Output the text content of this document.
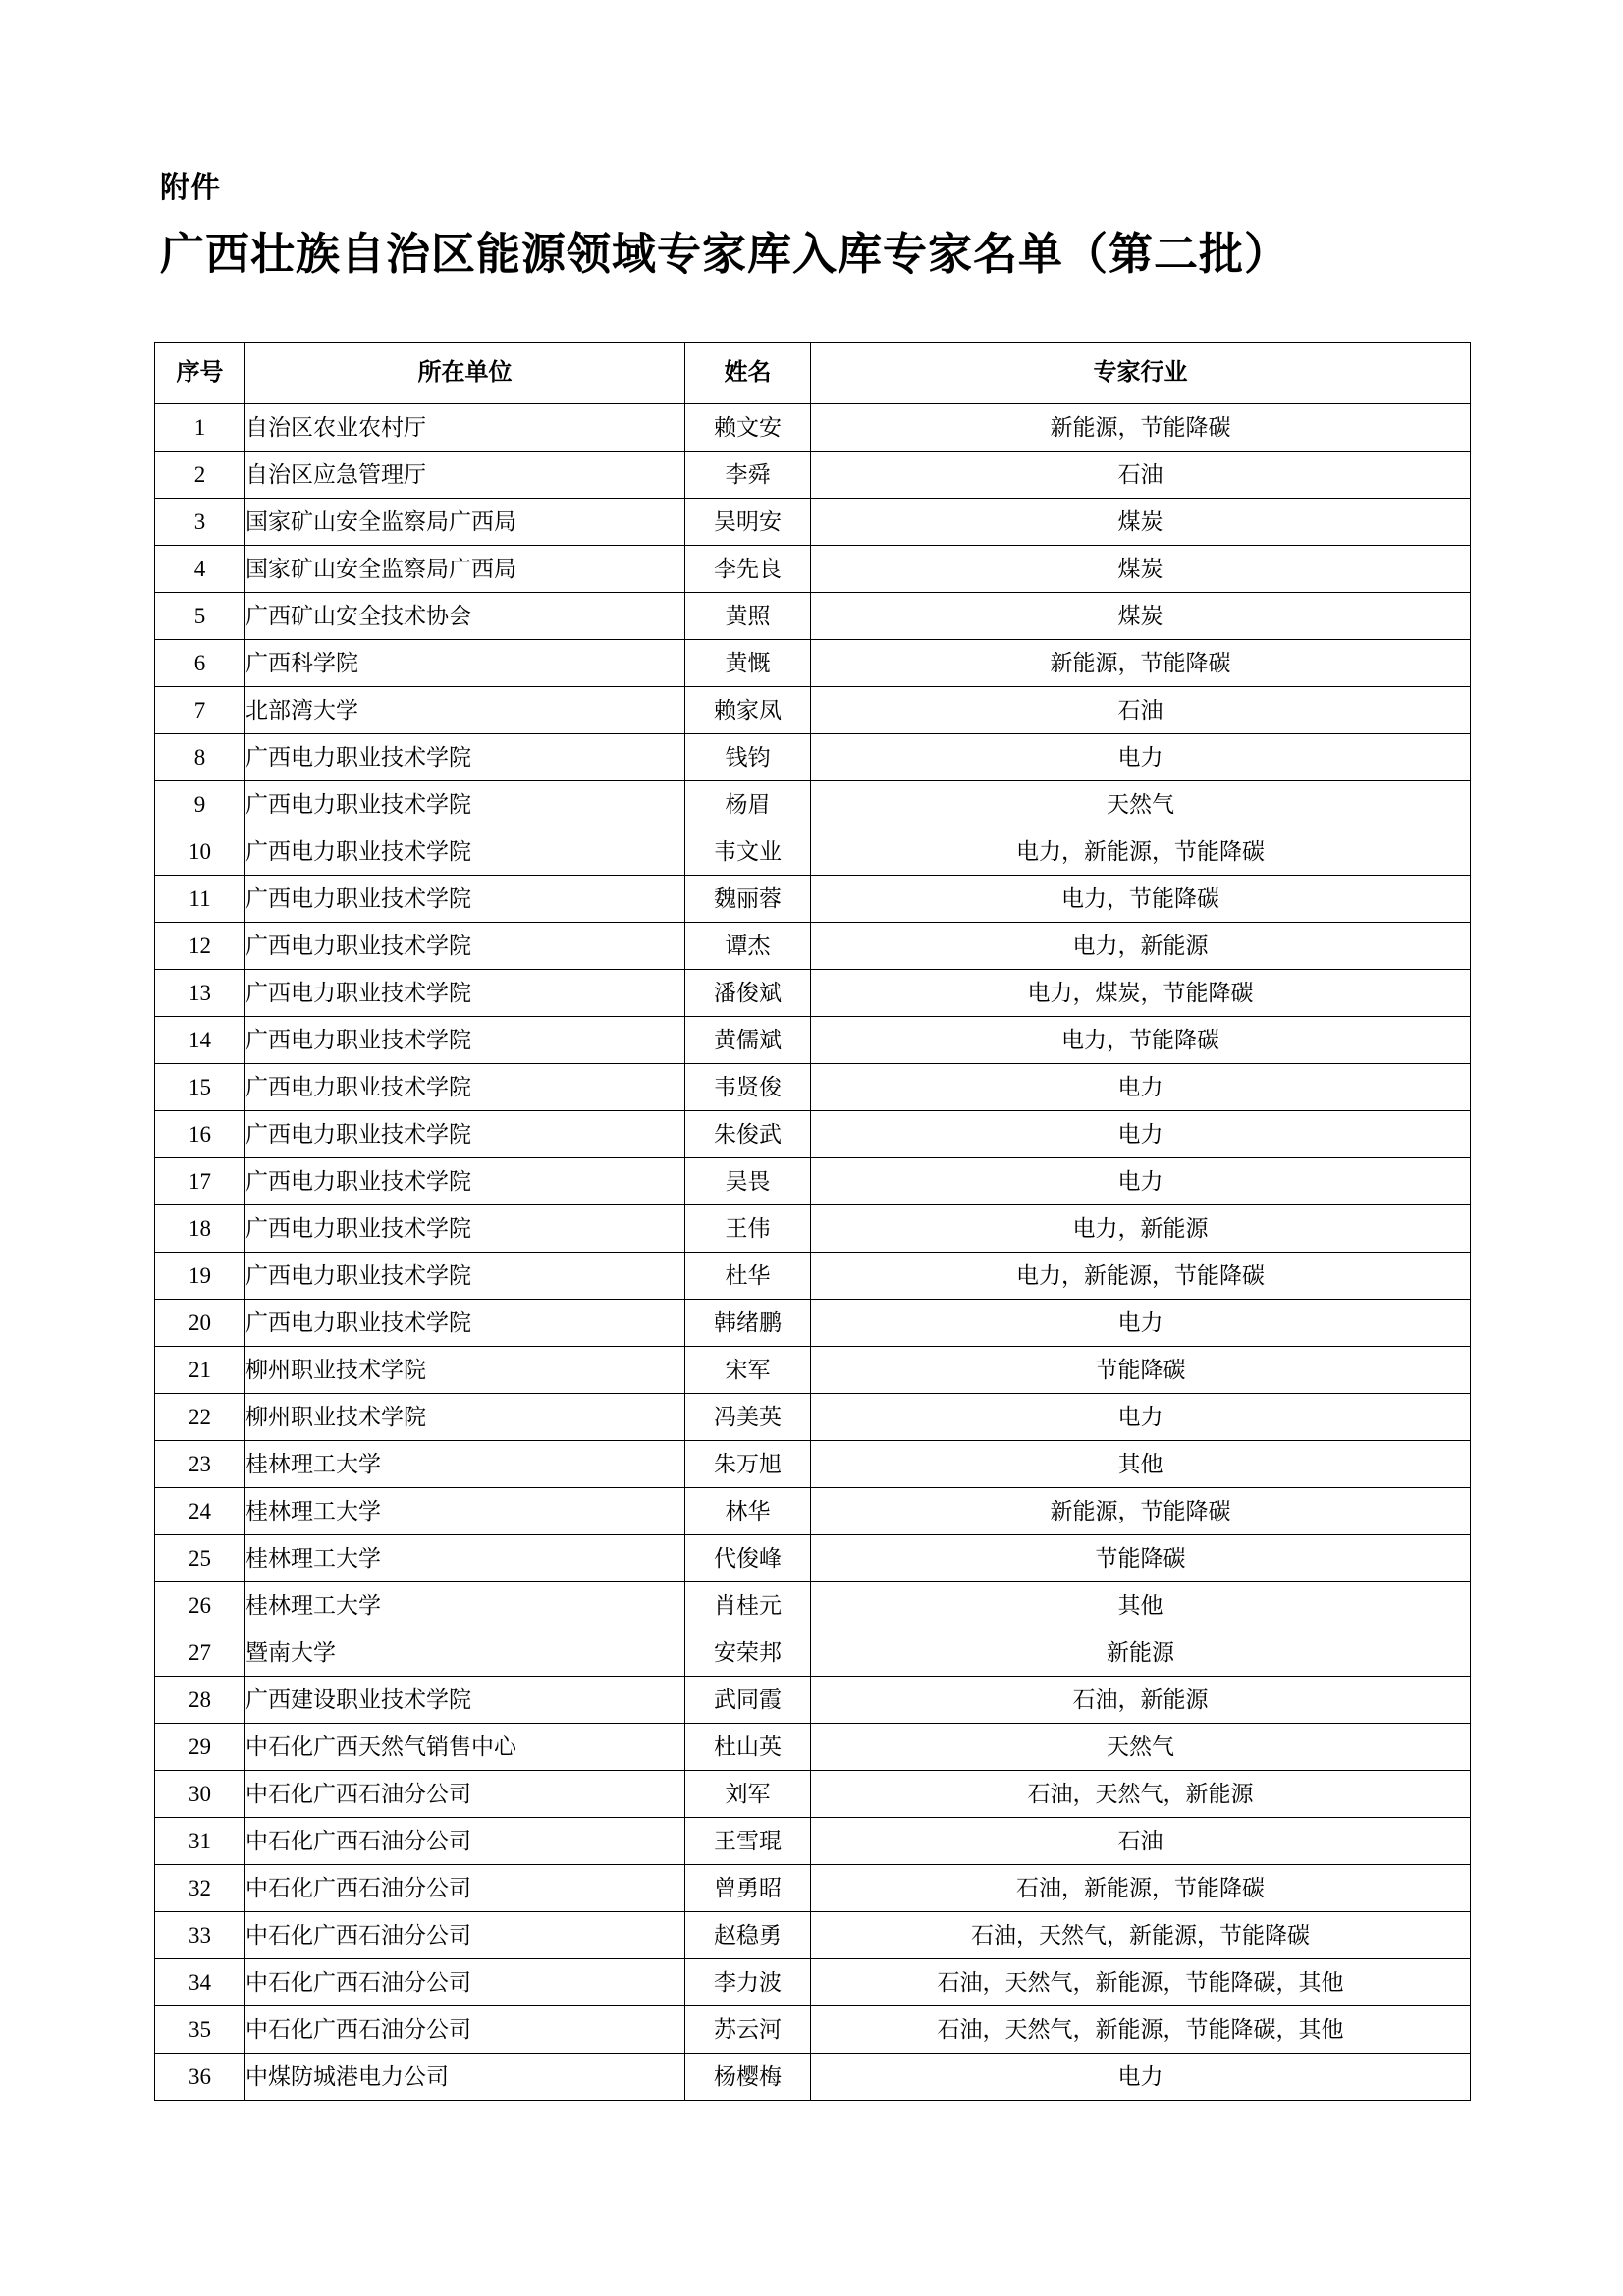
附件
广西壮族自治区能源领域专家库入库专家名单（第二批）
序号	所在单位	姓名	专家行业
1	自治区农业农村厅	赖文安	新能源，节能降碳
2	自治区应急管理厅	李舜	石油
3	国家矿山安全监察局广西局	吴明安	煤炭
4	国家矿山安全监察局广西局	李先良	煤炭
5	广西矿山安全技术协会	黄照	煤炭
6	广西科学院	黄慨	新能源，节能降碳
7	北部湾大学	赖家凤	石油
8	广西电力职业技术学院	钱钧	电力
9	广西电力职业技术学院	杨眉	天然气
10	广西电力职业技术学院	韦文业	电力，新能源，节能降碳
11	广西电力职业技术学院	魏丽蓉	电力，节能降碳
12	广西电力职业技术学院	谭杰	电力，新能源
13	广西电力职业技术学院	潘俊斌	电力，煤炭，节能降碳
14	广西电力职业技术学院	黄儒斌	电力，节能降碳
15	广西电力职业技术学院	韦贤俊	电力
16	广西电力职业技术学院	朱俊武	电力
17	广西电力职业技术学院	吴畏	电力
18	广西电力职业技术学院	王伟	电力，新能源
19	广西电力职业技术学院	杜华	电力，新能源，节能降碳
20	广西电力职业技术学院	韩绪鹏	电力
21	柳州职业技术学院	宋军	节能降碳
22	柳州职业技术学院	冯美英	电力
23	桂林理工大学	朱万旭	其他
24	桂林理工大学	林华	新能源，节能降碳
25	桂林理工大学	代俊峰	节能降碳
26	桂林理工大学	肖桂元	其他
27	暨南大学	安荣邦	新能源
28	广西建设职业技术学院	武同霞	石油，新能源
29	中石化广西天然气销售中心	杜山英	天然气
30	中石化广西石油分公司	刘军	石油，天然气，新能源
31	中石化广西石油分公司	王雪琨	石油
32	中石化广西石油分公司	曾勇昭	石油，新能源，节能降碳
33	中石化广西石油分公司	赵稳勇	石油，天然气，新能源，节能降碳
34	中石化广西石油分公司	李力波	石油，天然气，新能源，节能降碳，其他
35	中石化广西石油分公司	苏云河	石油，天然气，新能源，节能降碳，其他
36	中煤防城港电力公司	杨樱梅	电力
